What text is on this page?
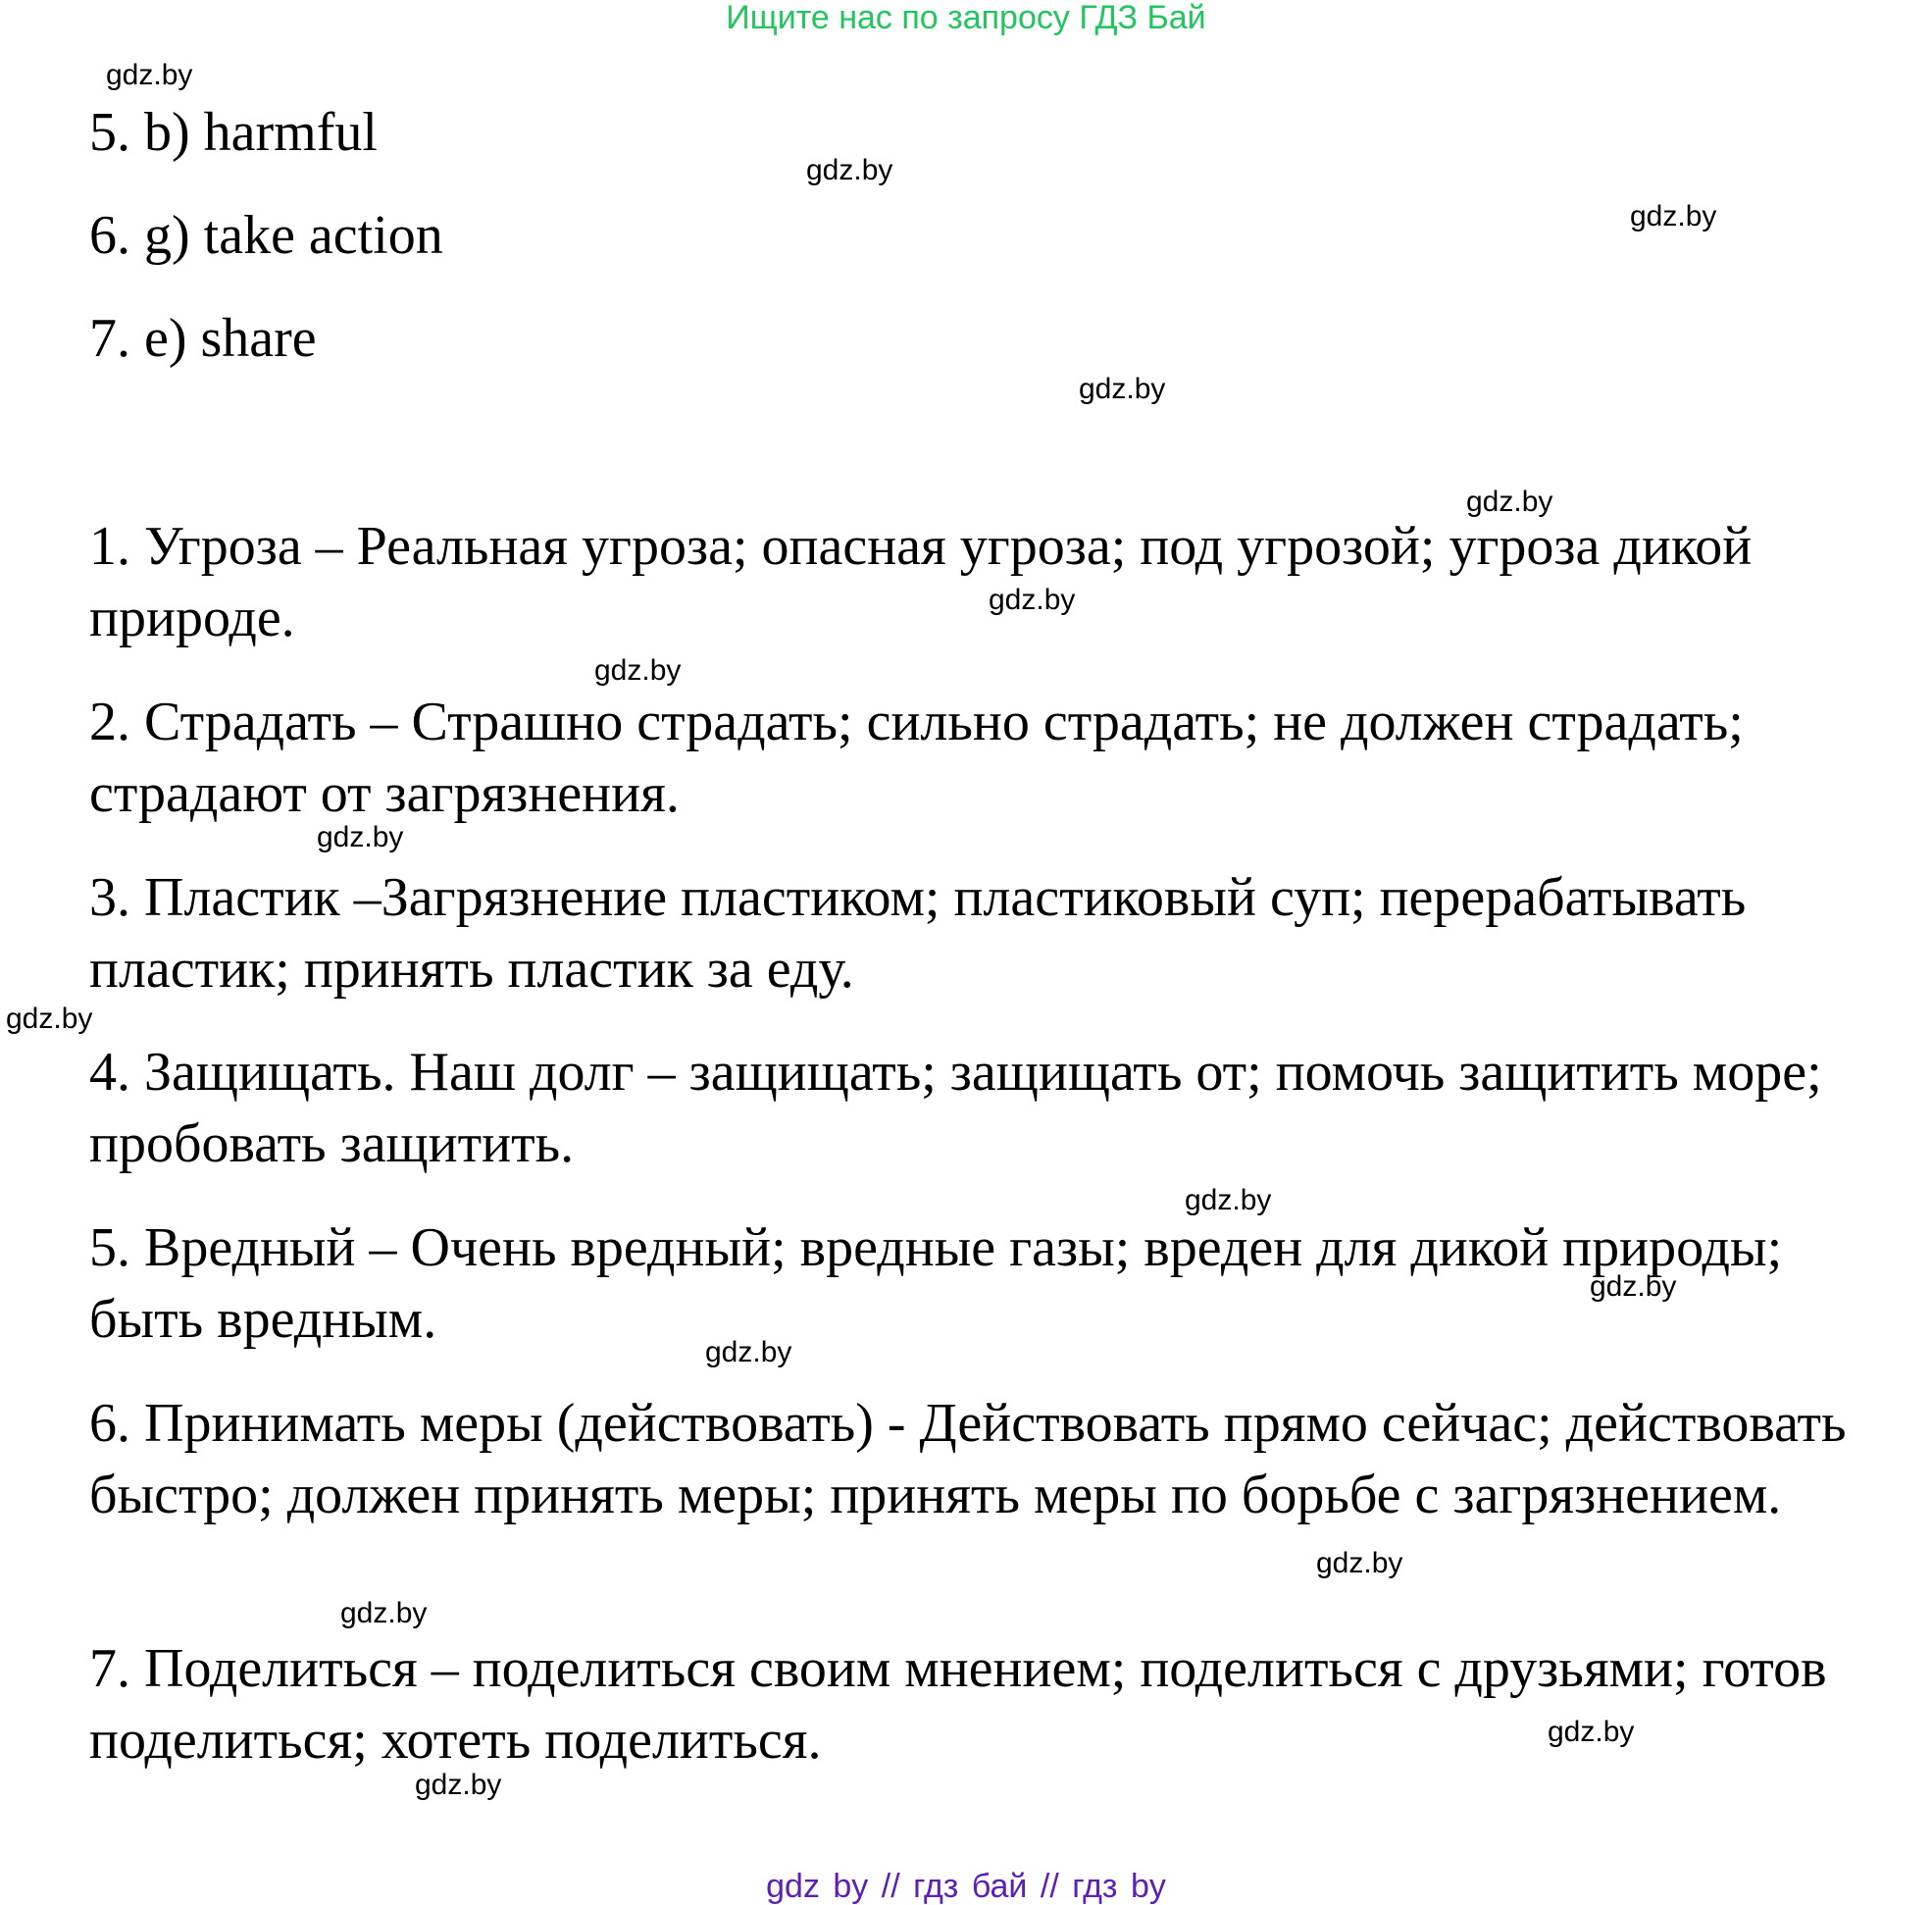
Ищите нас по запросу ГДЗ Бай
gdz.by
gdz.by
gdz.by
gdz.by
gdz.by
gdz.by
gdz.by
gdz.by
gdz.by
gdz.by
gdz.by
gdz.by
gdz.by
gdz.by
gdz.by
gdz.by
5. b) harmful
6. g) take action
7. e) share
1. Угроза – Реальная угроза; опасная угроза; под угрозой; угроза дикой природе.
2. Страдать – Страшно страдать; сильно страдать; не должен страдать; страдают от загрязнения.
3. Пластик –Загрязнение пластиком; пластиковый суп; перерабатывать пластик; принять пластик за еду.
4. Защищать. Наш долг – защищать; защищать от; помочь защитить море; пробовать защитить.
5. Вредный – Очень вредный; вредные газы; вреден для дикой природы; быть вредным.
6. Принимать меры (действовать) - Действовать прямо сейчас; действовать быстро; должен принять меры; принять меры по борьбе с загрязнением.
7. Поделиться – поделиться своим мнением; поделиться с друзьями; готов поделиться; хотеть поделиться.
gdz by // гдз бай // гдз by
